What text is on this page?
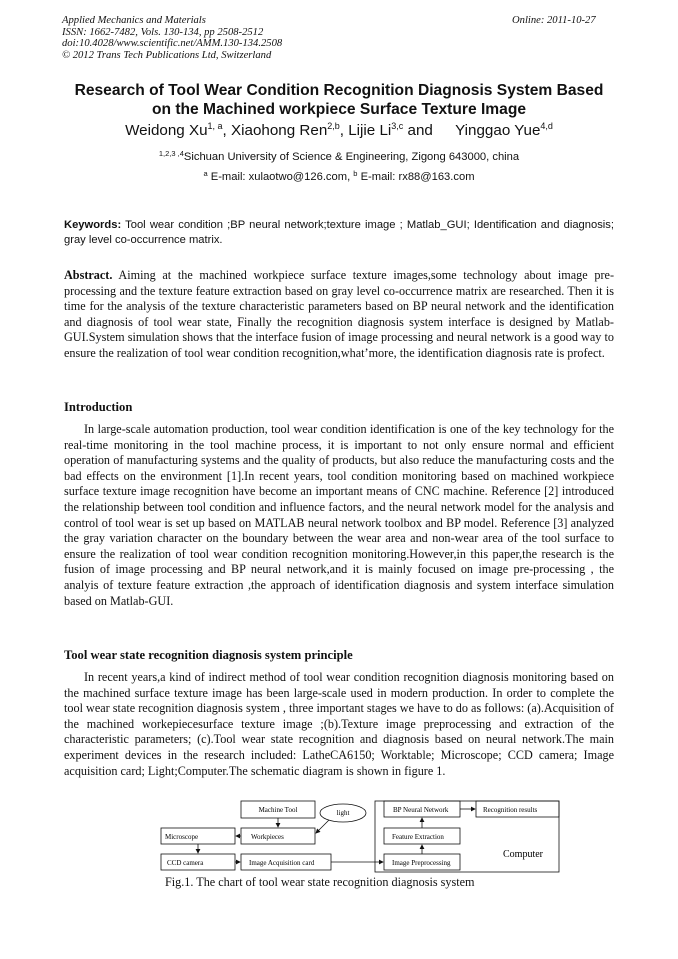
Applied Mechanics and Materials
ISSN: 1662-7482, Vols. 130-134, pp 2508-2512
doi:10.4028/www.scientific.net/AMM.130-134.2508
© 2012 Trans Tech Publications Ltd, Switzerland
Online: 2011-10-27
Research of Tool Wear Condition Recognition Diagnosis System Based
on the Machined workpiece Surface Texture Image
Weidong Xu$^{1, a}$, Xiaohong Ren$^{2,b}$, Lijie Li$^{3,c}$ and Yinggao Yue$^{4,d}$
$^{1,2,3 ,4}$Sichuan University of Science & Engineering, Zigong 643000, china
$^a$ E-mail: xulaotwo@126.com, $^b$ E-mail: rx88@163.com
Keywords: Tool wear condition ;BP neural network;texture image ; Matlab_GUI; Identification and diagnosis; gray level co-occurrence matrix.
Abstract. Aiming at the machined workpiece surface texture images,some technology about image pre-processing and the texture feature extraction based on gray level co-occurrence matrix are researched. Then it is time for the analysis of the texture characteristic parameters based on BP neural network and the identification and diagnosis of tool wear state, Finally the recognition diagnosis system interface is designed by Matlab-GUI.System simulation shows that the interface fusion of image processing and neural network is a good way to ensure the realization of tool wear condition recognition,what’more, the identification diagnosis rate is profect.
Introduction
In large-scale automation production, tool wear condition identification is one of the key technology for the real-time monitoring in the tool machine process, it is important to not only ensure normal and efficient operation of manufacturing systems and the quality of products, but also reduce the manufacturing costs and the bad effects on the environment [1].In recent years, tool condition monitoring based on machined workpiece surface texture image recognition have become an important means of CNC machine. Reference [2] introduced the relationship between tool condition and influence factors, and the neural network model for the analysis and control of tool wear is set up based on MATLAB neural network toolbox and BP model. Reference [3] analyzed the gray variation character on the boundary between the wear area and non-wear area of the tool surface to ensure the realization of tool wear condition recognition monitoring.However,in this paper,the research is the fusion of image processing and BP neural network,and it is mainly focused on image pre-processing , the analyis of texture feature extraction ,the approach of identification diagnosis and system interface simulation based on Matlab-GUI.
Tool wear state recognition diagnosis system principle
In recent years,a kind of indirect method of tool wear condition recognition diagnosis monitoring based on the machined surface texture image has been large-scale used in modern production. In order to complete the tool wear state recognition diagnosis system , three important stages we have to do as follows: (a).Acquisition of the machined workepiecesurface texture image ;(b).Texture image preprocessing and extraction of the characteristic parameters; (c).Tool wear state recognition and diagnosis based on neural network.The main experiment devices in the research included: LatheCA6150; Worktable; Microscope; CCD camera; Image acquisition card; Light;Computer.The schematic diagram is shown in figure 1.
Machine Tool	light
Microscope	Workpieces
CCD camera	Image Acquisition card
BP Neural Network	Recognition results
Feature Extraction
Image Preprocessing
Computer
Fig.1. The chart of tool wear state recognition diagnosis system
